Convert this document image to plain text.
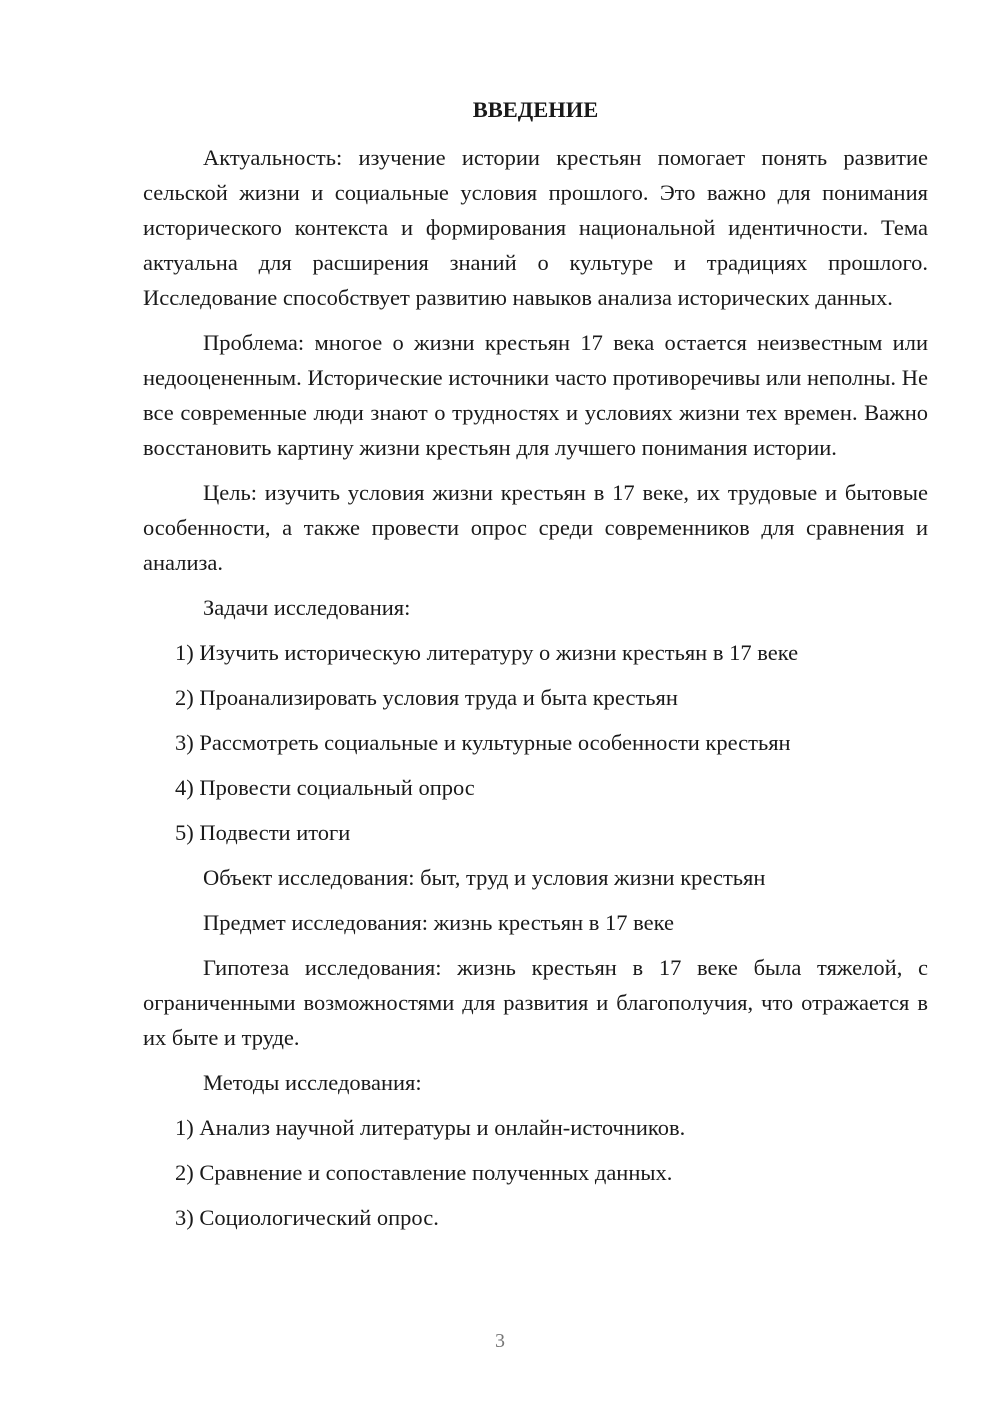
ВВЕДЕНИЕ

Актуальность: изучение истории крестьян помогает понять развитие сельской жизни и социальные условия прошлого. Это важно для понимания исторического контекста и формирования национальной идентичности. Тема актуальна для расширения знаний о культуре и традициях прошлого. Исследование способствует развитию навыков анализа исторических данных.

Проблема: многое о жизни крестьян 17 века остается неизвестным или недооцененным. Исторические источники часто противоречивы или неполны. Не все современные люди знают о трудностях и условиях жизни тех времен. Важно восстановить картину жизни крестьян для лучшего понимания истории.

Цель: изучить условия жизни крестьян в 17 веке, их трудовые и бытовые особенности, а также провести опрос среди современников для сравнения и анализа.

Задачи исследования:

1) Изучить историческую литературу о жизни крестьян в 17 веке

2) Проанализировать условия труда и быта крестьян

3) Рассмотреть социальные и культурные особенности крестьян

4) Провести социальный опрос

5) Подвести итоги

Объект исследования: быт, труд и условия жизни крестьян

Предмет исследования: жизнь крестьян в 17 веке

Гипотеза исследования: жизнь крестьян в 17 веке была тяжелой, с ограниченными возможностями для развития и благополучия, что отражается в их быте и труде.

Методы исследования:

1) Анализ научной литературы и онлайн-источников.

2) Сравнение и сопоставление полученных данных.

3) Социологический опрос.

3
